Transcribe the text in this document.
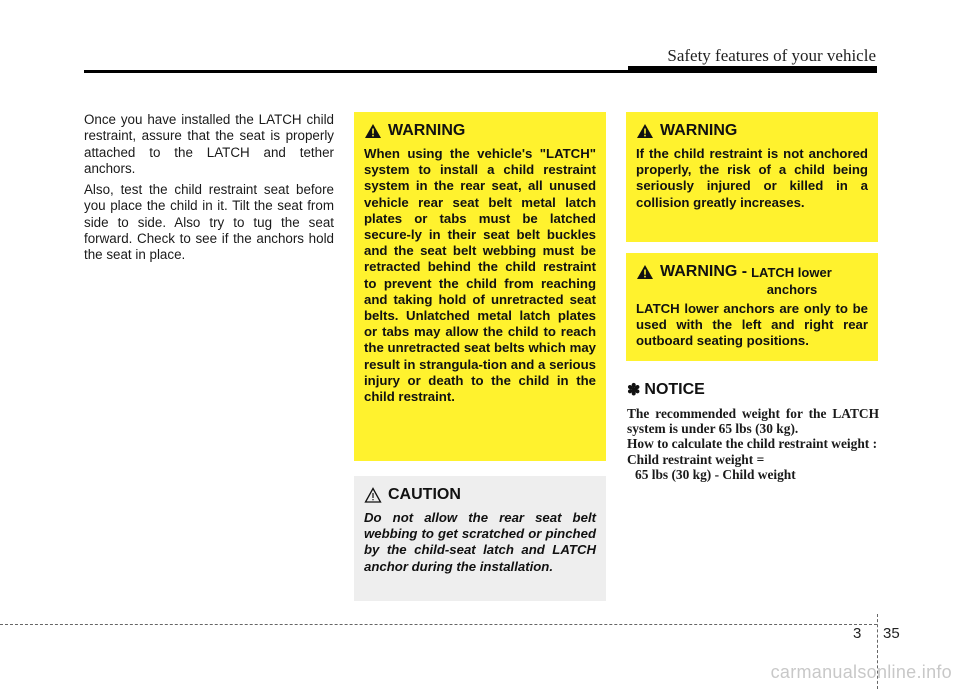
Safety features of your vehicle

Once you have installed the LATCH child restraint, assure that the seat is properly attached to the LATCH and tether anchors.

Also, test the child restraint seat before you place the child in it. Tilt the seat from side to side. Also try to tug the seat forward. Check to see if the anchors hold the seat in place.

WARNING
When using the vehicle's "LATCH" system to install a child restraint system in the rear seat, all unused vehicle rear seat belt metal latch plates or tabs must be latched secure-ly in their seat belt buckles and the seat belt webbing must be retracted behind the child restraint to prevent the child from reaching and taking hold of unretracted seat belts. Unlatched metal latch plates or tabs may allow the child to reach the unretracted seat belts which may result in strangula-tion and a serious injury or death to the child in the child restraint.
CAUTION
Do not allow the rear seat belt webbing to get scratched or pinched by the child-seat latch and LATCH anchor during the installation.
WARNING
If the child restraint is not anchored properly, the risk of a child being seriously injured or killed in a collision greatly increases.
WARNING - LATCH lower
anchors
LATCH lower anchors are only to be used with the left and right rear outboard seating positions.
✽ NOTICE

The recommended weight for the LATCH system is under 65 lbs (30 kg).

How to calculate the child restraint weight :

Child restraint weight =

65 lbs (30 kg) - Child weight

3 35
carmanualsonline.info
